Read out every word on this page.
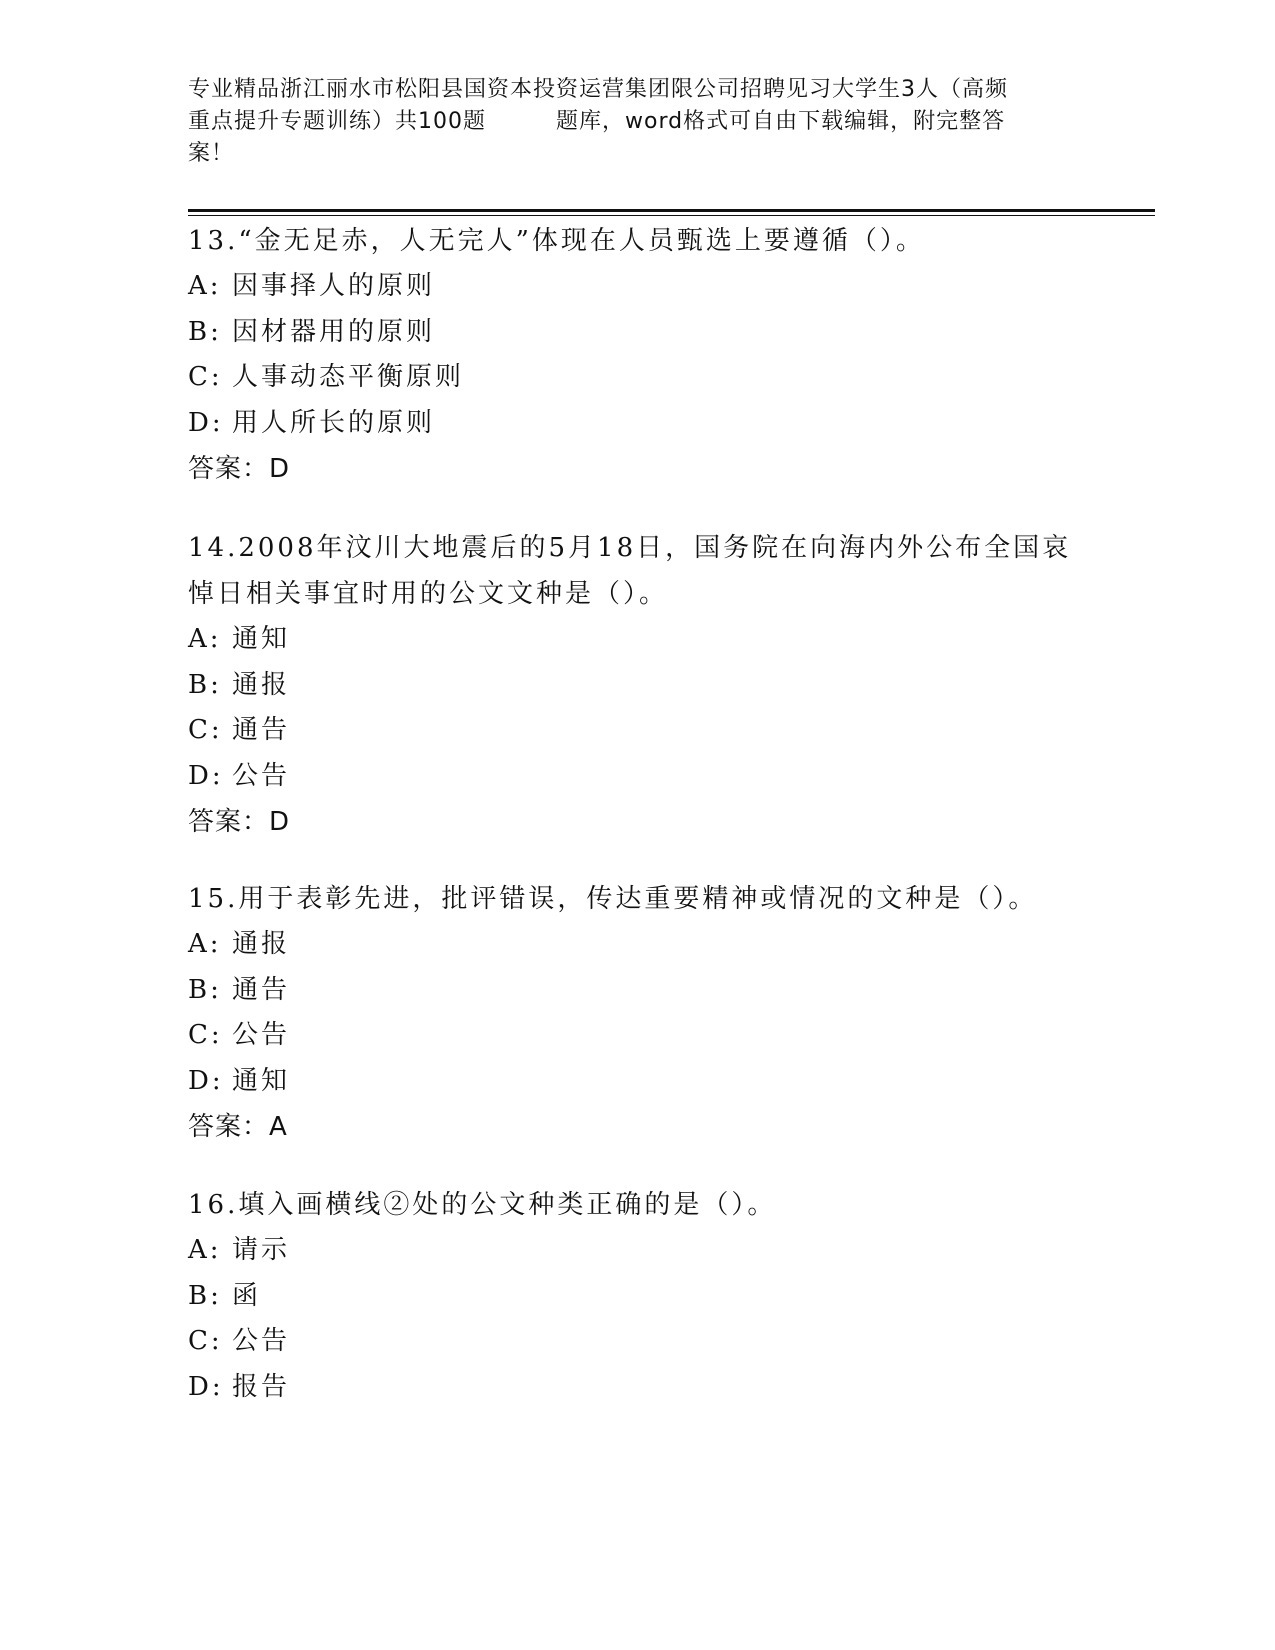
专业精品浙江丽水市松阳县国资本投资运营集团限公司招聘见习大学生3人（高频
重点提升专题训练）共100题	题库，word格式可自由下载编辑，附完整答
案！
13.“金无足赤，人无完人”体现在人员甄选上要遵循（）。
A: 因事择人的原则
B: 因材器用的原则
C: 人事动态平衡原则
D: 用人所长的原则
答案：D
14.2008年汶川大地震后的5月18日，国务院在向海内外公布全国哀悼日相关事宜时用的公文文种是（）。
A: 通知
B: 通报
C: 通告
D: 公告
答案：D
15.用于表彰先进，批评错误，传达重要精神或情况的文种是（）。
A: 通报
B: 通告
C: 公告
D: 通知
答案：A
16.填入画横线②处的公文种类正确的是（）。
A: 请示
B: 函
C: 公告
D: 报告
